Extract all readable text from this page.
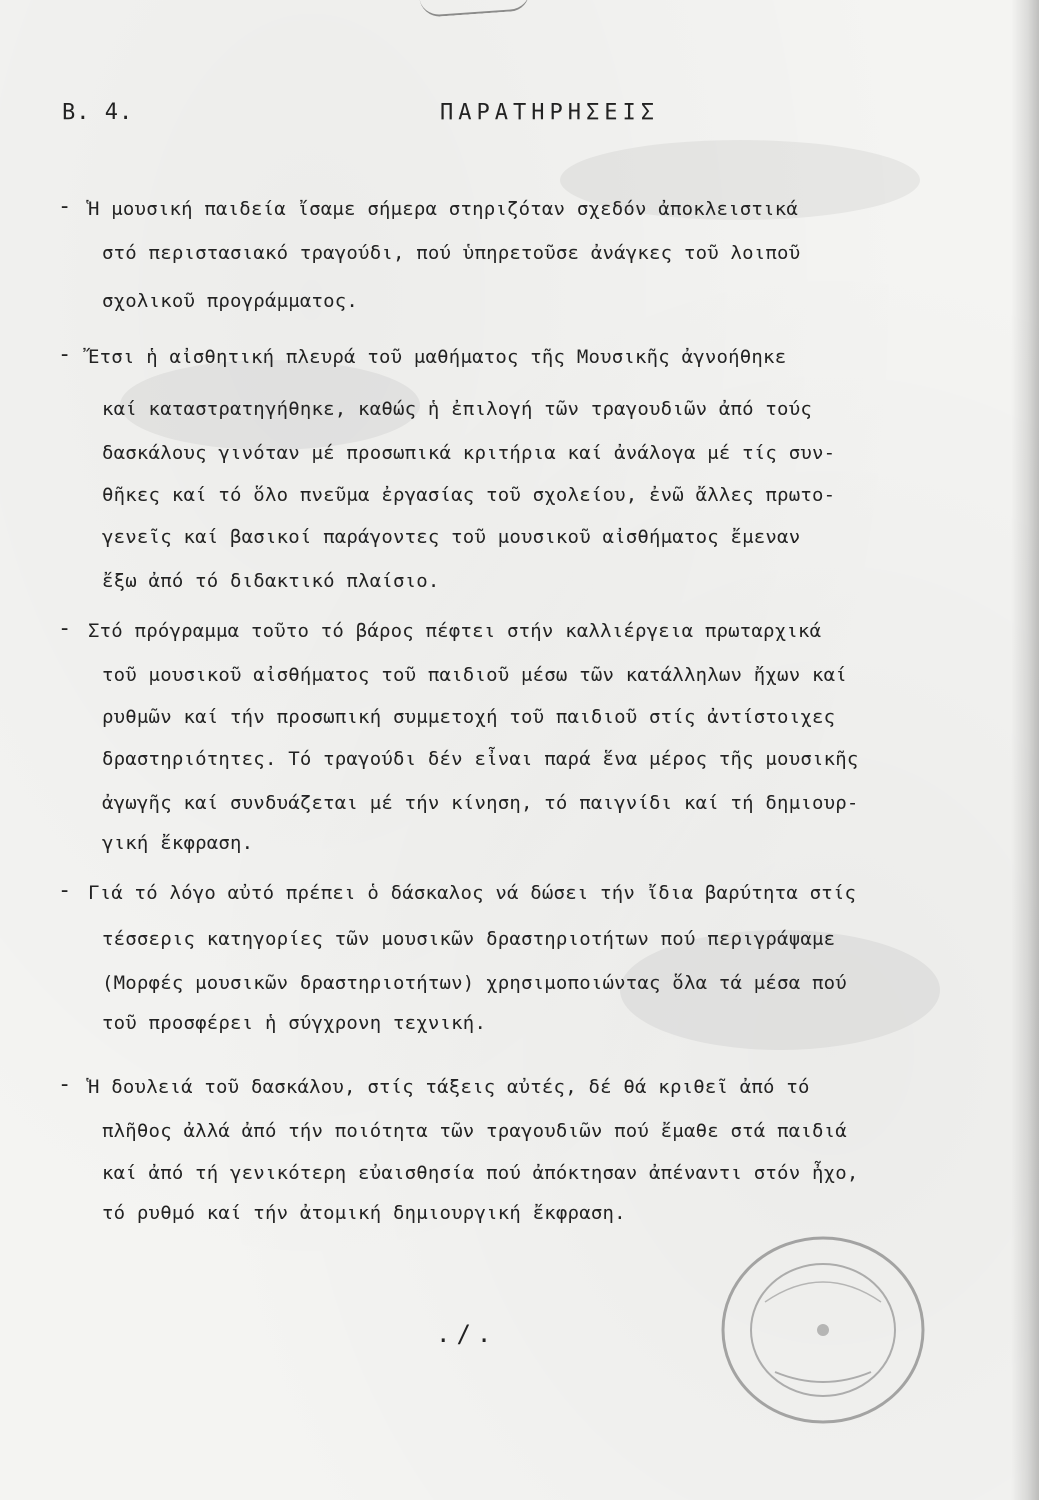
Β. 4.	ΠΑΡΑΤΗΡΗΣΕΙΣ
- Ἡ μουσική παιδεία ἴσαμε σήμερα στηριζόταν σχεδόν ἀποκλειστικά
στό περιστασιακό τραγούδι, πού ὑπηρετοῦσε ἀνάγκες τοῦ λοιποῦ
σχολικοῦ προγράμματος.
- Ἔτσι ἡ αἰσθητική πλευρά τοῦ μαθήματος τῆς Μουσικῆς ἀγνοήθηκε
καί καταστρατηγήθηκε, καθώς ἡ ἐπιλογή τῶν τραγουδιῶν ἀπό τούς
δασκάλους γινόταν μέ προσωπικά κριτήρια καί ἀνάλογα μέ τίς συν-
θῆκες καί τό ὅλο πνεῦμα ἐργασίας τοῦ σχολείου, ἐνῶ ἄλλες πρωτο-
γενεῖς καί βασικοί παράγοντες τοῦ μουσικοῦ αἰσθήματος ἔμεναν
ἔξω ἀπό τό διδακτικό πλαίσιο.
- Στό πρόγραμμα τοῦτο τό βάρος πέφτει στήν καλλιέργεια πρωταρχικά
τοῦ μουσικοῦ αἰσθήματος τοῦ παιδιοῦ μέσω τῶν κατάλληλων ἤχων καί
ρυθμῶν καί τήν προσωπική συμμετοχή τοῦ παιδιοῦ στίς ἀντίστοιχες
δραστηριότητες. Τό τραγούδι δέν εἶναι παρά ἕνα μέρος τῆς μουσικῆς
ἀγωγῆς καί συνδυάζεται μέ τήν κίνηση, τό παιγνίδι καί τή δημιουρ-
γική ἔκφραση.
- Γιά τό λόγο αὐτό πρέπει ὁ δάσκαλος νά δώσει τήν ἴδια βαρύτητα στίς
τέσσερις κατηγορίες τῶν μουσικῶν δραστηριοτήτων πού περιγράψαμε
(Μορφές μουσικῶν δραστηριοτήτων) χρησιμοποιώντας ὅλα τά μέσα πού
τοῦ προσφέρει ἡ σύγχρονη τεχνική.
- Ἡ δουλειά τοῦ δασκάλου, στίς τάξεις αὐτές, δέ θά κριθεῖ ἀπό τό
πλῆθος ἀλλά ἀπό τήν ποιότητα τῶν τραγουδιῶν πού ἔμαθε στά παιδιά
καί ἀπό τή γενικότερη εὐαισθησία πού ἀπόκτησαν ἀπέναντι στόν ἦχο,
τό ρυθμό καί τήν ἀτομική δημιουργική ἔκφραση.
./.
